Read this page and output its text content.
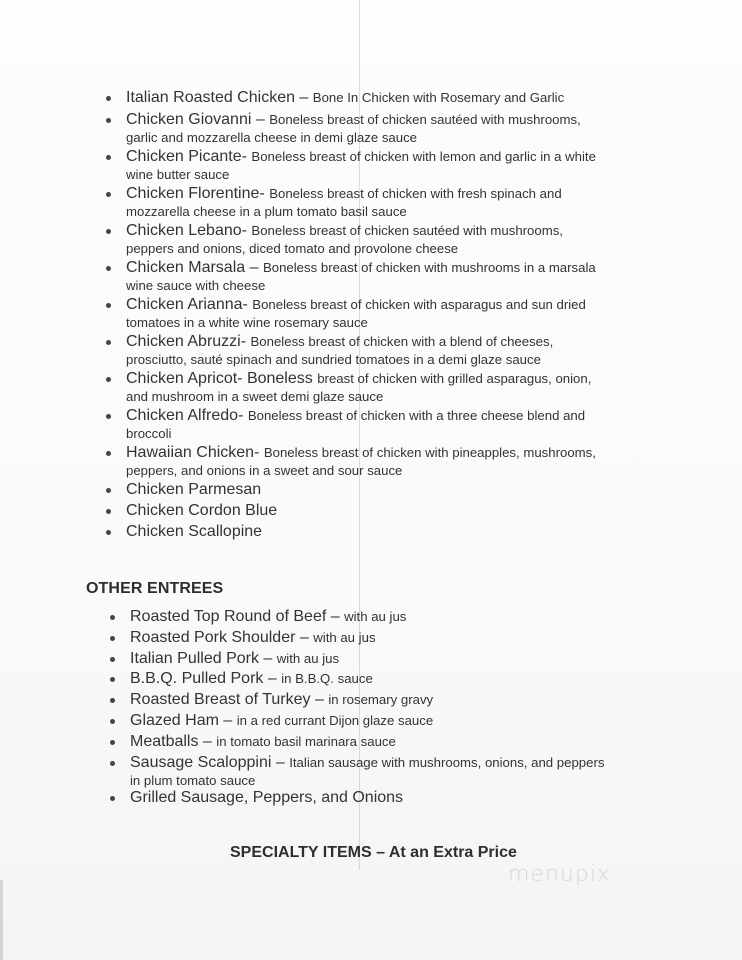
Italian Roasted Chicken – Bone In Chicken with Rosemary and Garlic
Chicken Giovanni – Boneless breast of chicken sautéed with mushrooms,
garlic and mozzarella cheese in demi glaze sauce
Chicken Picante- Boneless breast of chicken with lemon and garlic in a white
wine butter sauce
Chicken Florentine- Boneless breast of chicken with fresh spinach and
mozzarella cheese in a plum tomato basil sauce
Chicken Lebano- Boneless breast of chicken sautéed with mushrooms,
peppers and onions, diced tomato and provolone cheese
Chicken Marsala – Boneless breast of chicken with mushrooms in a marsala
wine sauce with cheese
Chicken Arianna- Boneless breast of chicken with asparagus and sun dried
tomatoes in a white wine rosemary sauce
Chicken Abruzzi- Boneless breast of chicken with a blend of cheeses,
prosciutto, sauté spinach and sundried tomatoes in a demi glaze sauce
Chicken Apricot- Boneless breast of chicken with grilled asparagus, onion,
and mushroom in a sweet demi glaze sauce
Chicken Alfredo- Boneless breast of chicken with a three cheese blend and
broccoli
Hawaiian Chicken- Boneless breast of chicken with pineapples, mushrooms,
peppers, and onions in a sweet and sour sauce
Chicken Parmesan
Chicken Cordon Blue
Chicken Scallopine
OTHER ENTREES
Roasted Top Round of Beef – with au jus
Roasted Pork Shoulder – with au jus
Italian Pulled Pork – with au jus
B.B.Q. Pulled Pork – in B.B.Q. sauce
Roasted Breast of Turkey – in rosemary gravy
Glazed Ham – in a red currant Dijon glaze sauce
Meatballs – in tomato basil marinara sauce
Sausage Scaloppini – Italian sausage with mushrooms, onions, and peppers
in plum tomato sauce
Grilled Sausage, Peppers, and Onions
SPECIALTY ITEMS – At an Extra Price
menupix
